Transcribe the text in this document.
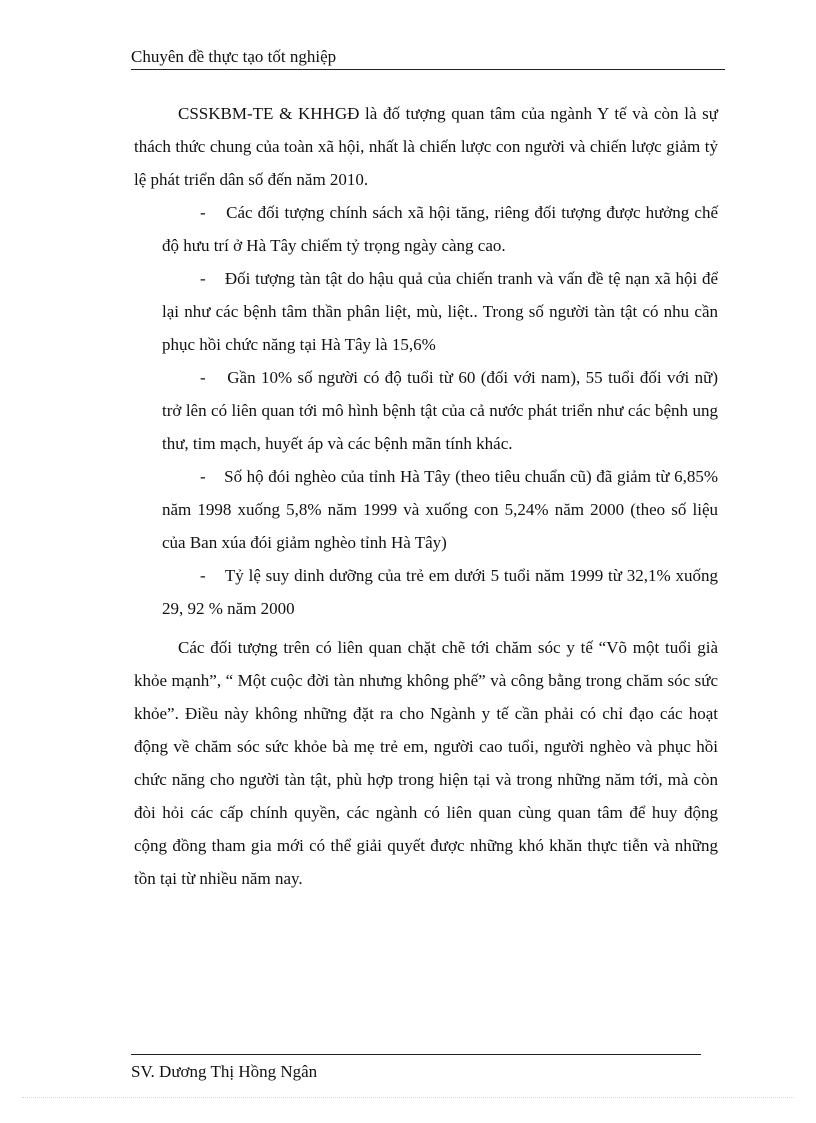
Chuyên đề thực tạo tốt nghiệp

CSSKBM-TE & KHHGĐ là đố tượng quan tâm của ngành Y tế và còn là sự thách thức chung của toàn xã hội, nhất là chiến lược con người và chiến lược giảm tỷ lệ phát triển dân số đến năm 2010.

- Các đối tượng chính sách xã hội tăng, riêng đối tượng được hưởng chế độ hưu trí ở Hà Tây chiếm tỷ trọng ngày càng cao.

- Đối tượng tàn tật do hậu quả của chiến tranh và vấn đề tệ nạn xã hội để lại như các bệnh tâm thần phân liệt, mù, liệt.. Trong số người tàn tật có nhu cần phục hồi chức năng tại Hà Tây là 15,6%

- Gần 10% số người có độ tuổi từ 60 (đối với nam), 55 tuổi đối với nữ) trở lên có liên quan tới mô hình bệnh tật của cả nước phát triển như các bệnh ung thư, tim mạch, huyết áp và các bệnh mãn tính khác.

- Số hộ đói nghèo của tỉnh Hà Tây (theo tiêu chuẩn cũ) đã giảm từ 6,85% năm 1998 xuống 5,8% năm 1999 và xuống con 5,24% năm 2000 (theo số liệu của Ban xúa đói giảm nghèo tỉnh Hà Tây)

- Tỷ lệ suy dinh dưỡng của trẻ em dưới 5 tuổi năm 1999 từ 32,1% xuống 29, 92 % năm 2000

Các đối tượng trên có liên quan chặt chẽ tới chăm sóc y tế “Võ một tuổi già khỏe mạnh”, “ Một cuộc đời tàn nhưng không phế” và công bằng trong chăm sóc sức khỏe”. Điều này không những đặt ra cho Ngành y tế cần phải có chỉ đạo các hoạt động về chăm sóc sức khỏe bà mẹ trẻ em, người cao tuổi, người nghèo và phục hồi chức năng cho người tàn tật, phù hợp trong hiện tại và trong những năm tới, mà còn đòi hỏi các cấp chính quyền, các ngành có liên quan cùng quan tâm để huy động cộng đồng tham gia mới có thể giải quyết được những khó khăn thực tiễn và những tồn tại từ nhiều năm nay.

SV. Dương Thị Hồng Ngân
